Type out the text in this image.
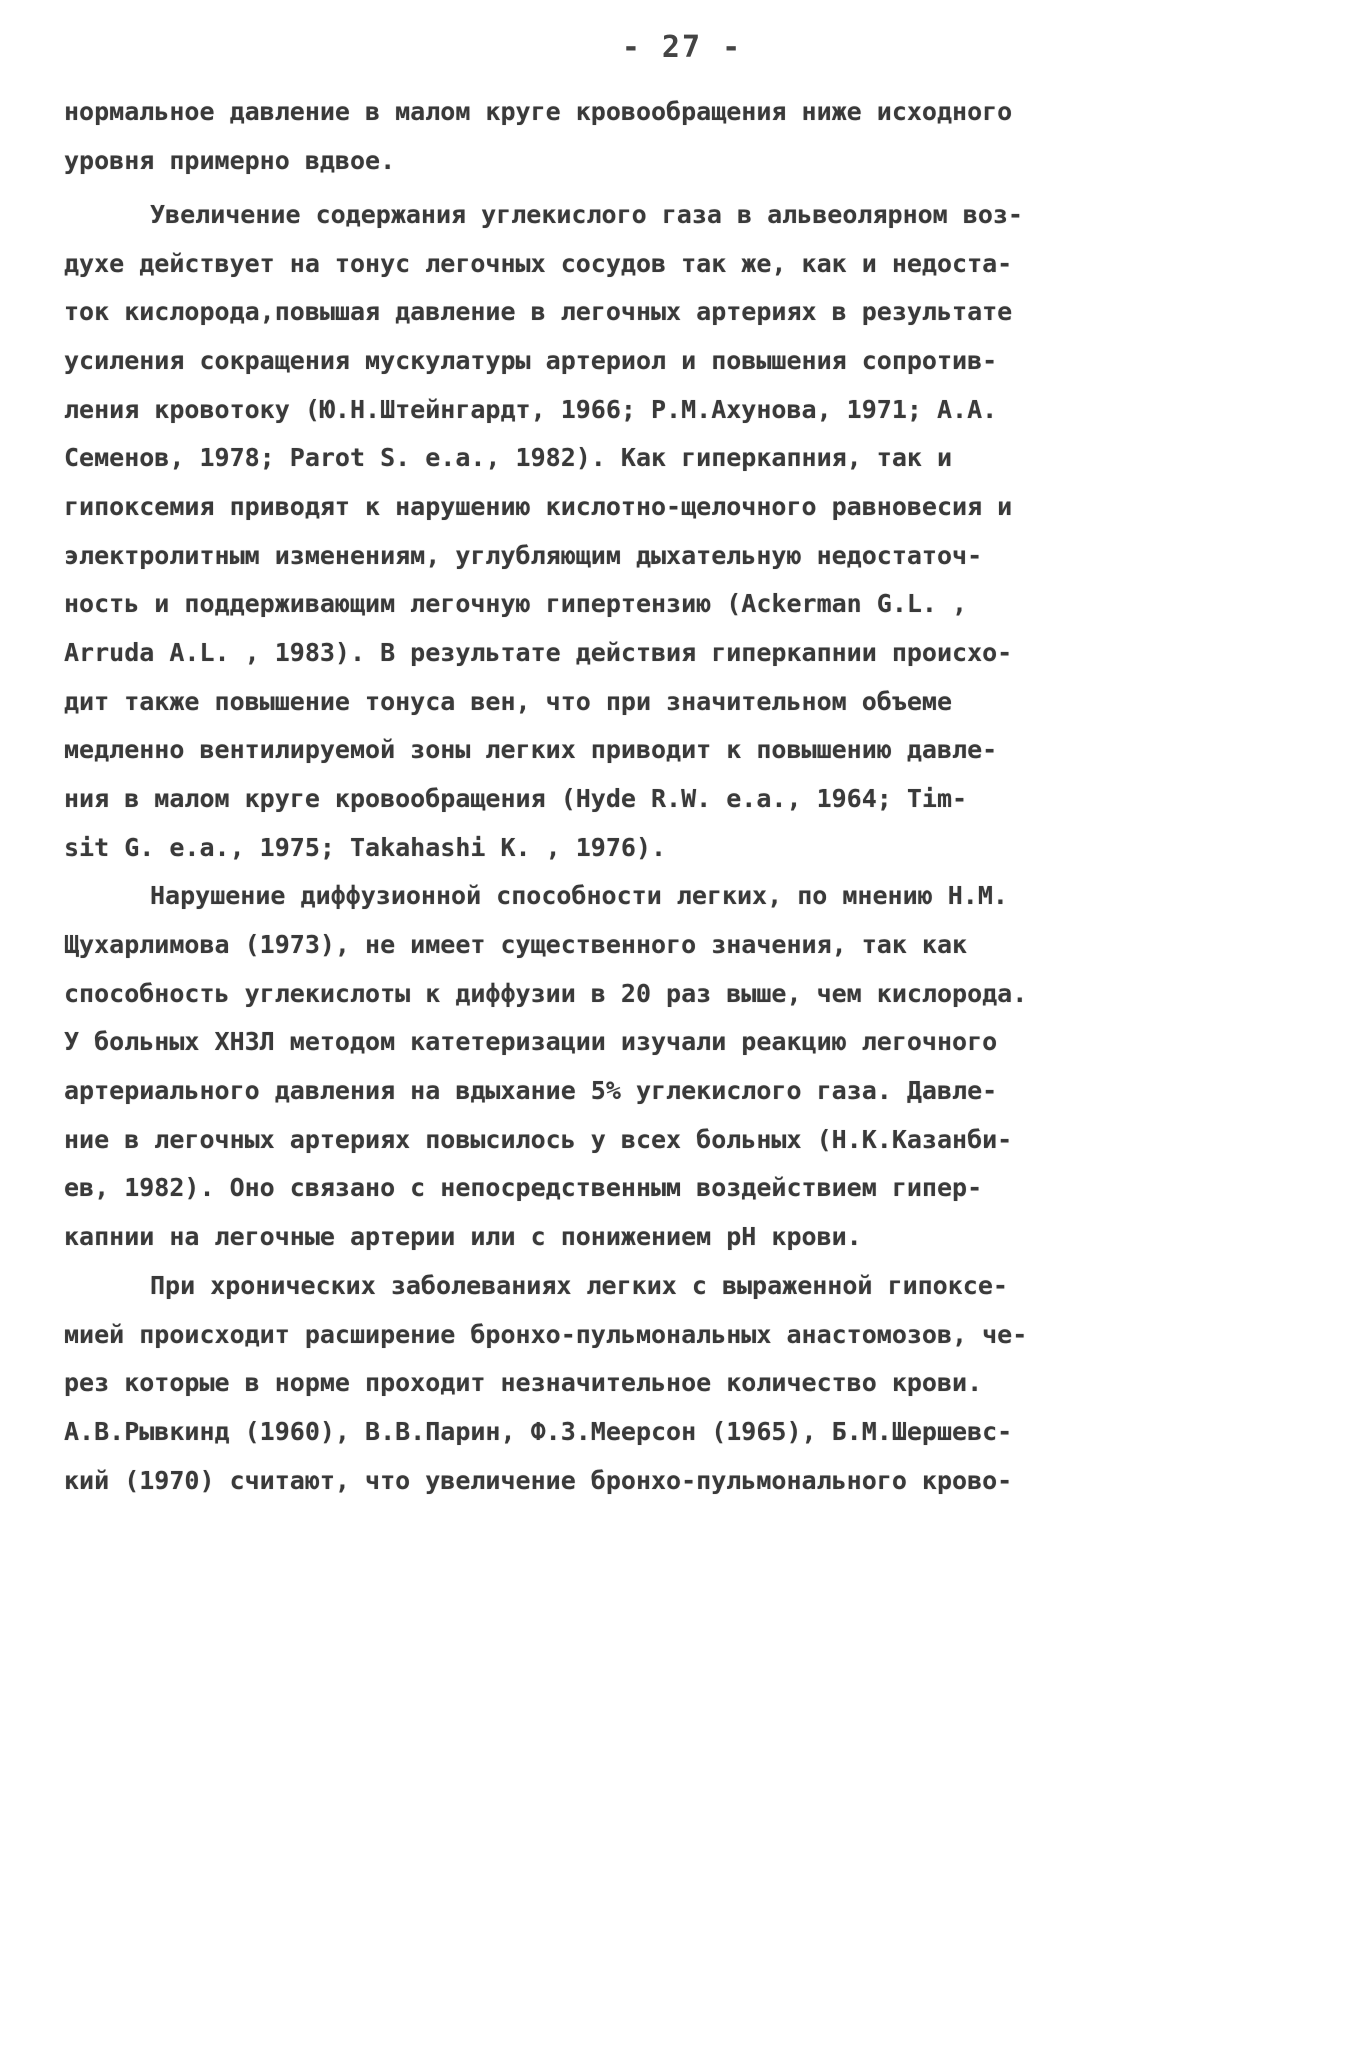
- 27 -
нормальное давление в малом круге кровообращения ниже исходного
уровня примерно вдвое.
Увеличение содержания углекислого газа в альвеолярном воз-
духе действует на тонус легочных сосудов так же, как и недоста-
ток кислорода,повышая давление в легочных артериях в результате
усиления сокращения мускулатуры артериол и повышения сопротив-
ления кровотоку (Ю.Н.Штейнгардт, 1966; Р.М.Ахунова, 1971; А.А.
Семенов, 1978; Parot S. e.a., 1982). Как гиперкапния, так и
гипоксемия приводят к нарушению кислотно-щелочного равновесия и
электролитным изменениям, углубляющим дыхательную недостаточ-
ность и поддерживающим легочную гипертензию (Ackerman G.L. ,
Arruda A.L. , 1983). В результате действия гиперкапнии происхо-
дит также повышение тонуса вен, что при значительном объеме
медленно вентилируемой зоны легких приводит к повышению давле-
ния в малом круге кровообращения (Hyde R.W. e.a., 1964; Tim-
sit G. e.a., 1975; Takahashi K. , 1976).
Нарушение диффузионной способности легких, по мнению Н.М.
Щухарлимова (1973), не имеет существенного значения, так как
способность углекислоты к диффузии в 20 раз выше, чем кислорода.
У больных ХНЗЛ методом катетеризации изучали реакцию легочного
артериального давления на вдыхание 5% углекислого газа. Давле-
ние в легочных артериях повысилось у всех больных (Н.К.Казанби-
ев, 1982). Оно связано с непосредственным воздействием гипер-
капнии на легочные артерии или с понижением pH крови.
При хронических заболеваниях легких с выраженной гипоксе-
мией происходит расширение бронхо-пульмональных анастомозов, че-
рез которые в норме проходит незначительное количество крови.
А.В.Рывкинд (1960), В.В.Парин, Ф.З.Меерсон (1965), Б.М.Шершевс-
кий (1970) считают, что увеличение бронхо-пульмонального крово-
